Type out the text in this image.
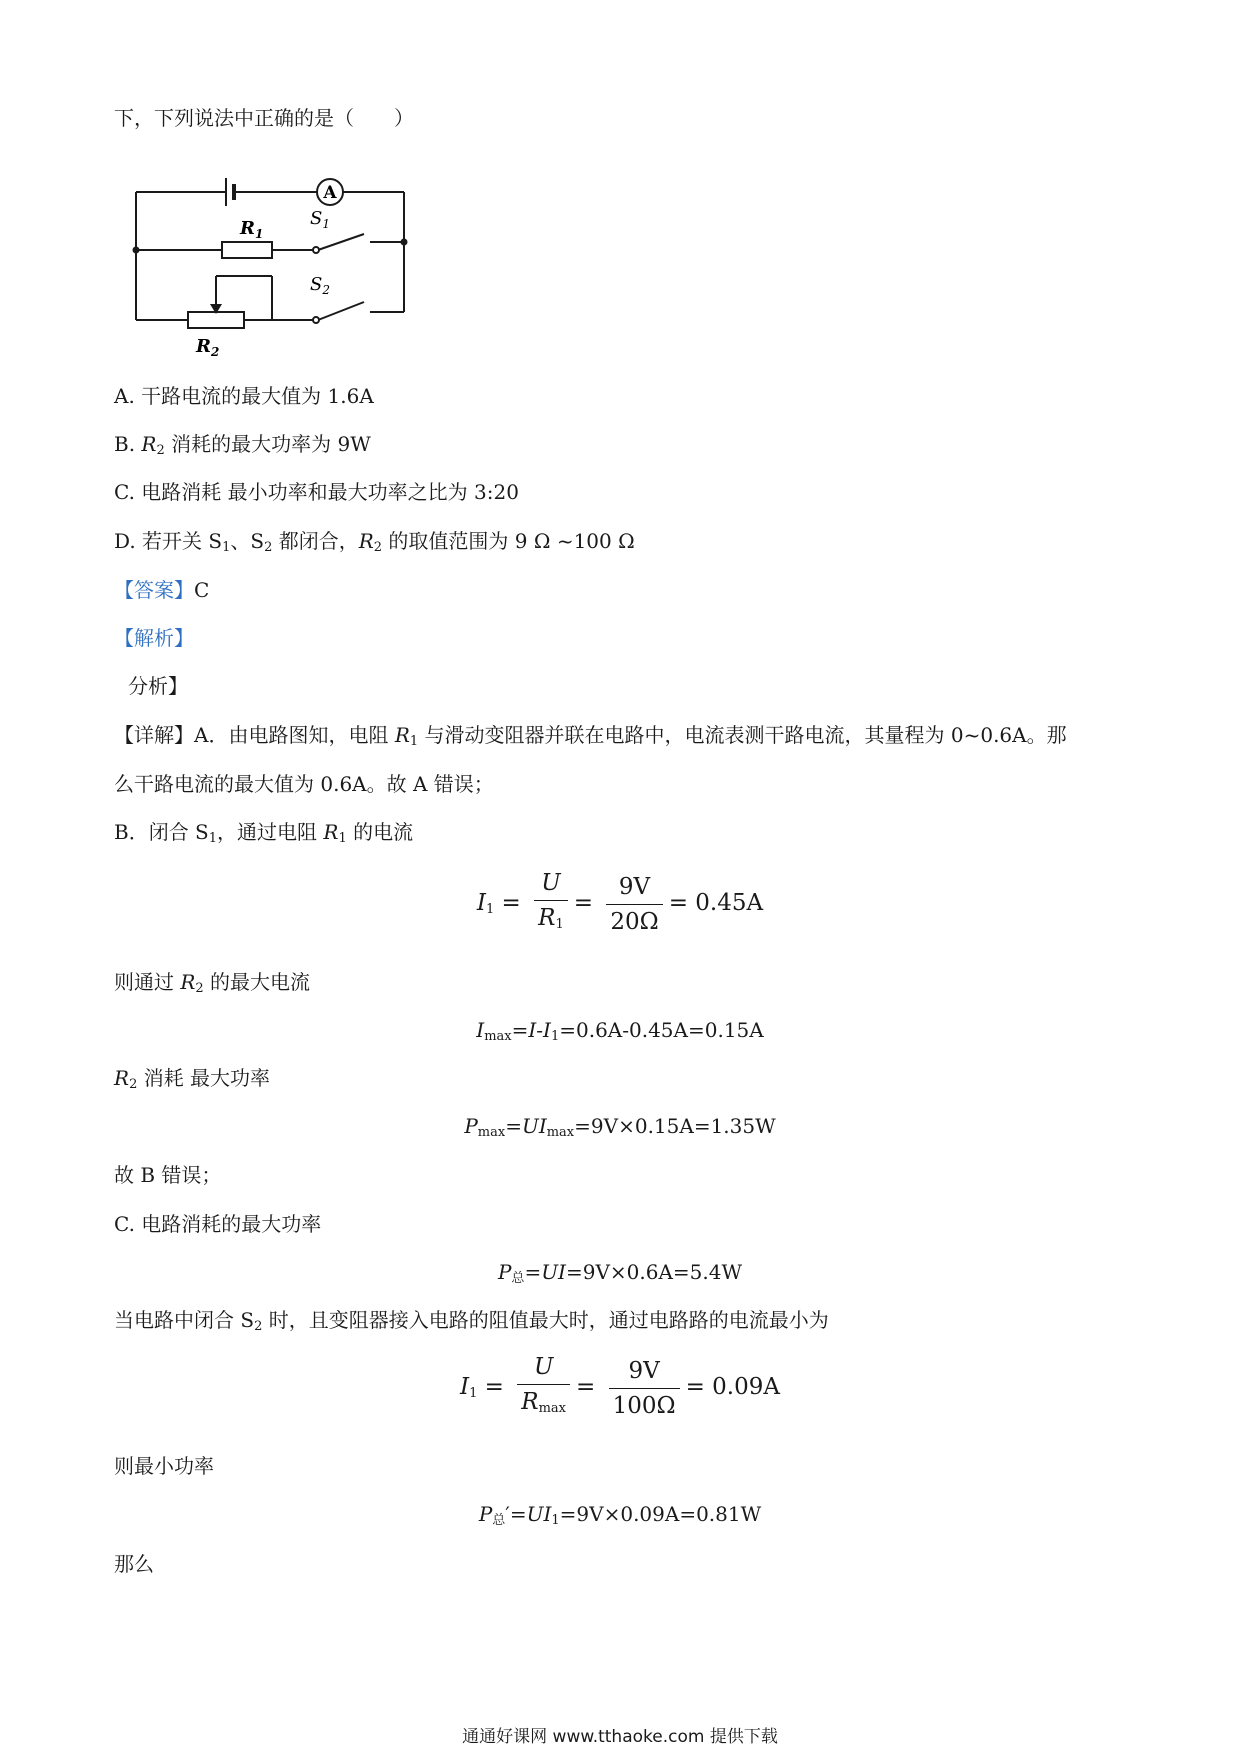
下，下列说法中正确的是（　　）
A
$R_1$
$R_2$
$S_1$
$S_2$
A. 干路电流的最大值为 1.6A
B. $R_2$ 消耗的最大功率为 9W
C. 电路消耗 最小功率和最大功率之比为 3:20
D. 若开关 $S_1$、$S_2$ 都闭合，$R_2$ 的取值范围为 9 Ω ~100 Ω
【答案】C
【解析】
分析】
【详解】A．由电路图知，电阻 $R_1$ 与滑动变阻器并联在电路中，电流表测干路电流，其量程为 0~0.6A。那
么干路电流的最大值为 0.6A。故 A 错误；
B．闭合 $S_1$，通过电阻 $R_1$ 的电流
$I_1 = \frac{U}{R_1} = \frac{9V}{20\Omega} = 0.45A$
则通过 $R_2$ 的最大电流
$I_{max}=I-I_1=0.6A-0.45A=0.15A$
$R_2$ 消耗 最大功率
$P_{max}=UI_{max}=9V\times 0.15A=1.35W$
故 B 错误；
C. 电路消耗的最大功率
$P_总=UI=9V\times 0.6A=5.4W$
当电路中闭合 $S_2$ 时，且变阻器接入电路的阻值最大时，通过电路路的电流最小为
$I_1 = \frac{U}{R_{max}} = \frac{9V}{100\Omega} = 0.09A$
则最小功率
$P_总'=UI_1=9V\times 0.09A=0.81W$
那么
通通好课网 www.tthaoke.com 提供下载
